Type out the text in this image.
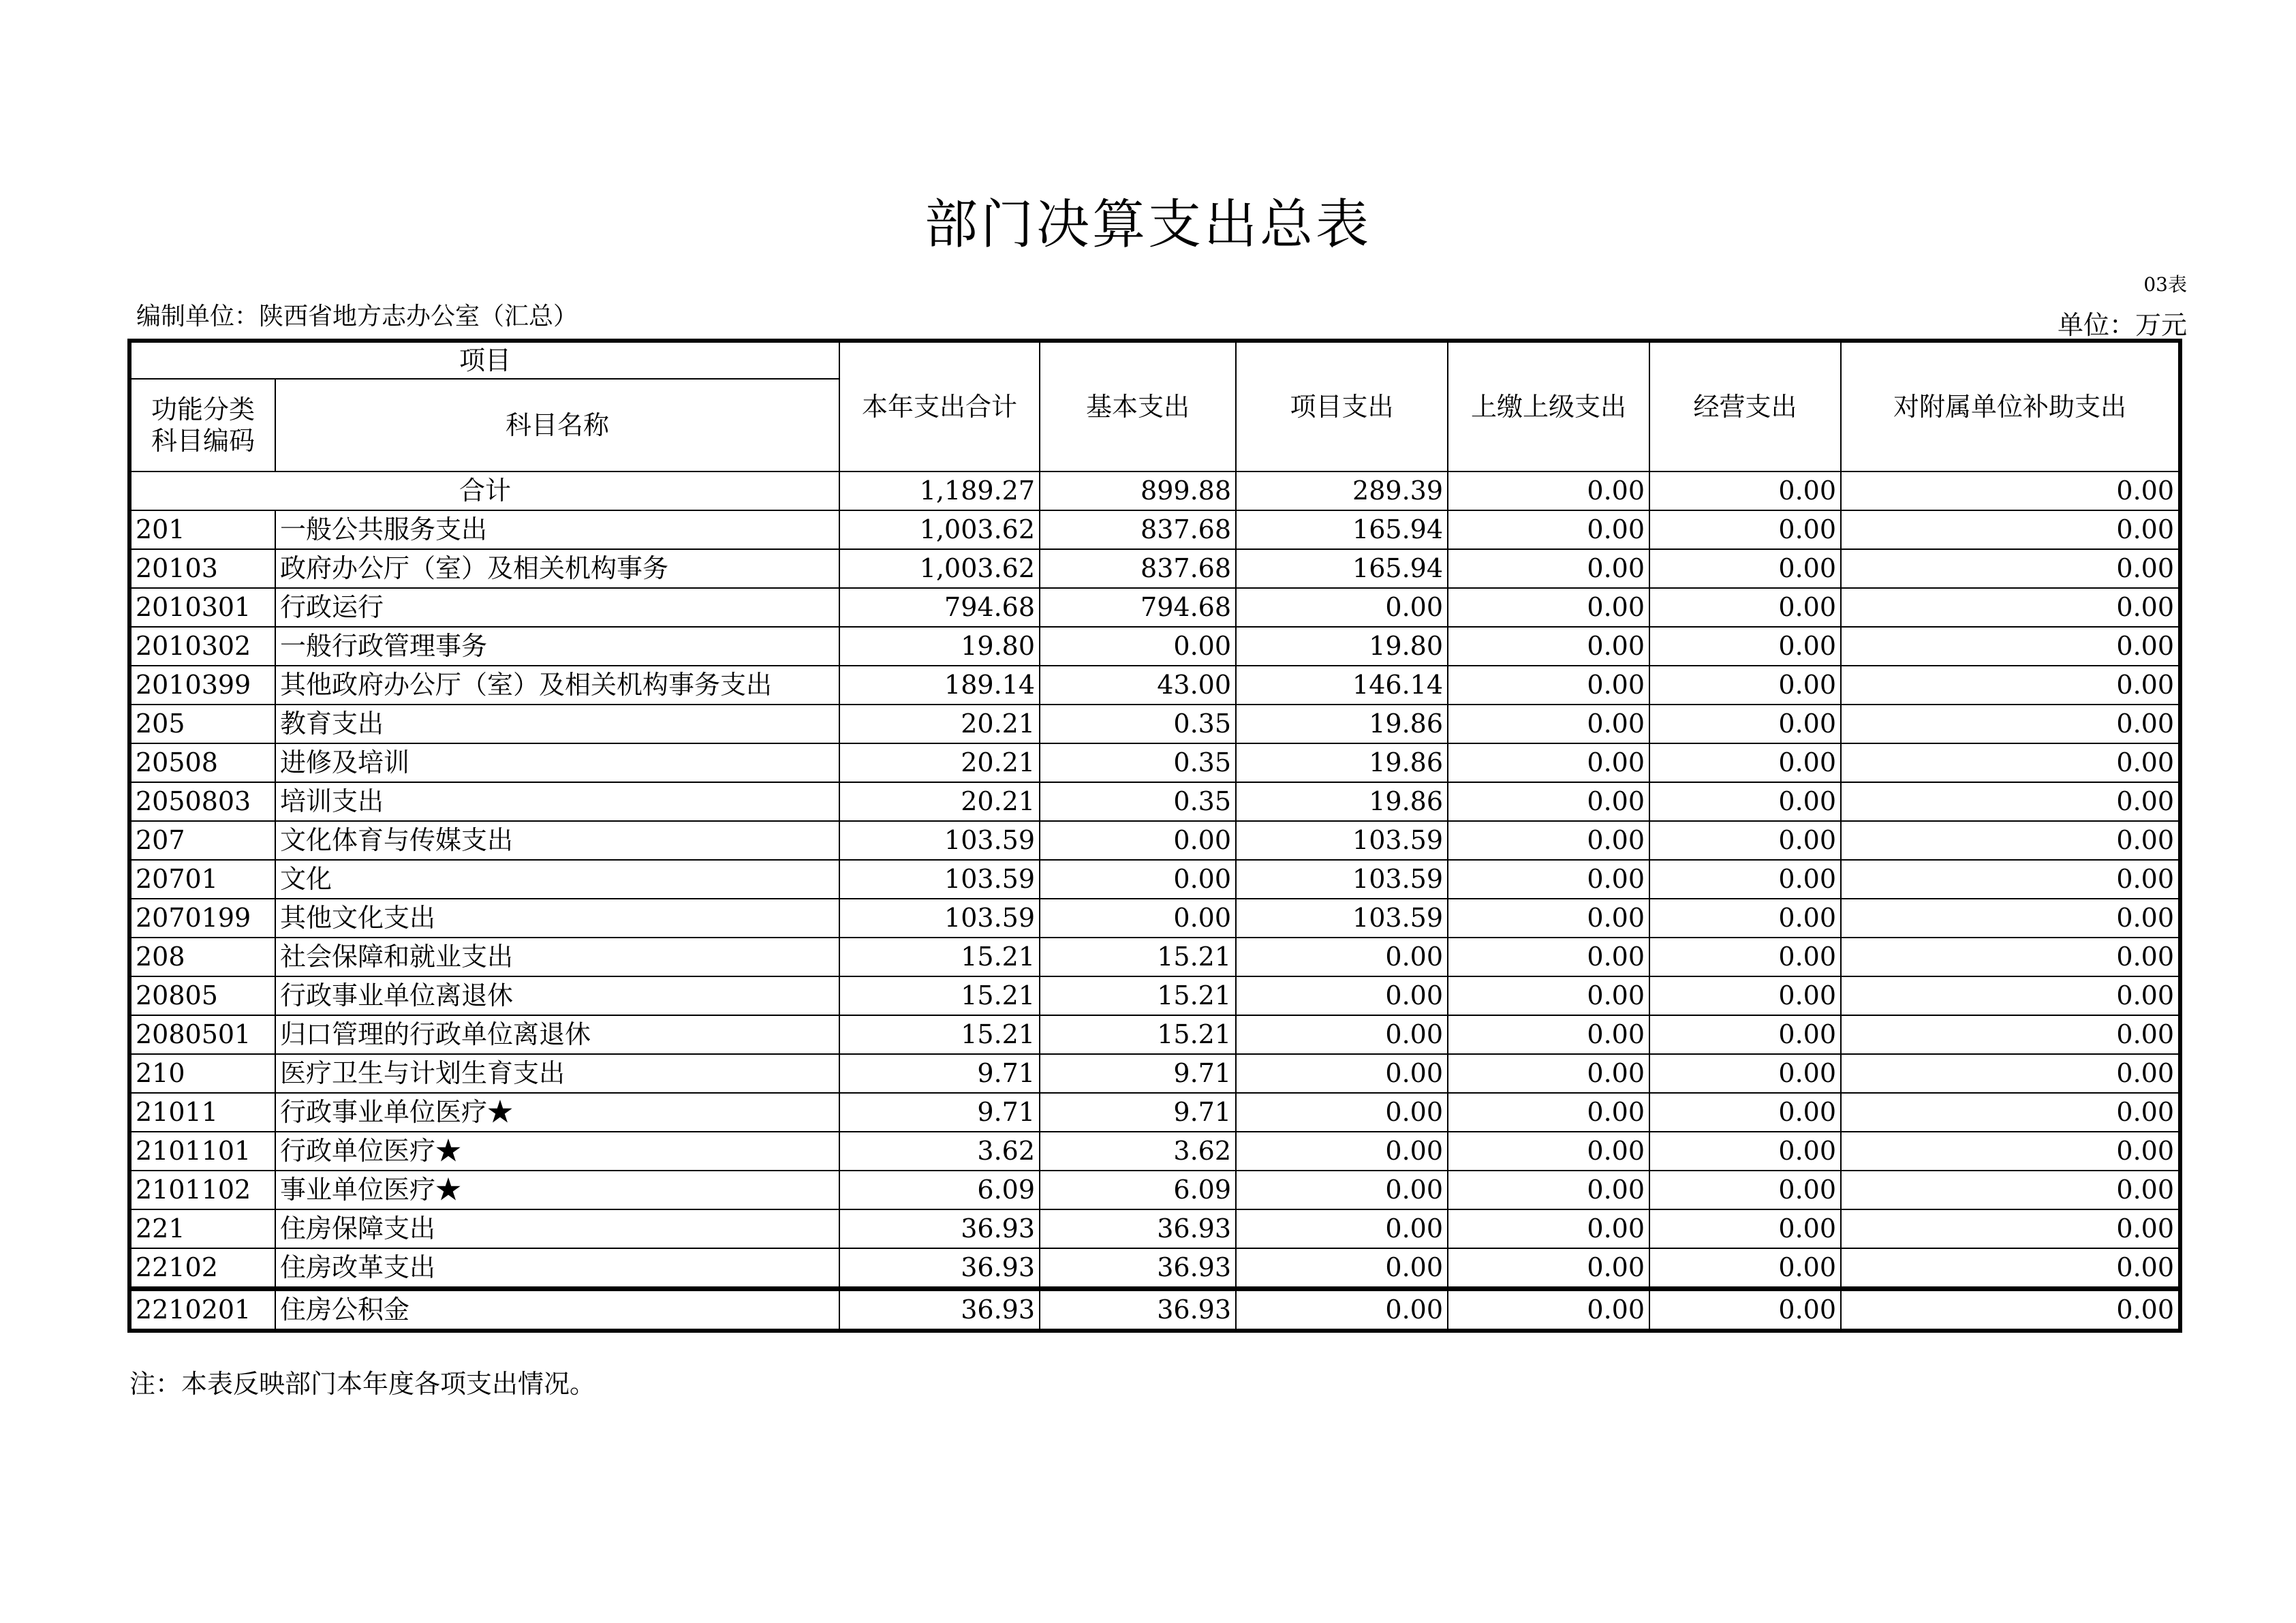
部门决算支出总表
03表
编制单位：陕西省地方志办公室（汇总）	单位：万元
项目		本年支出合计	基本支出	项目支出	上缴上级支出	经营支出	对附属单位补助支出

功能分类
科目编码	科目名称						
合计		1,189.27	899.88	289.39	0.00	0.00	0.00
201	一般公共服务支出	1,003.62	837.68	165.94	0.00	0.00	0.00
20103	政府办公厅（室）及相关机构事务	1,003.62	837.68	165.94	0.00	0.00	0.00
2010301	行政运行	794.68	794.68	0.00	0.00	0.00	0.00
2010302	一般行政管理事务	19.80	0.00	19.80	0.00	0.00	0.00
2010399	其他政府办公厅（室）及相关机构事务支出	189.14	43.00	146.14	0.00	0.00	0.00
205	教育支出	20.21	0.35	19.86	0.00	0.00	0.00
20508	进修及培训	20.21	0.35	19.86	0.00	0.00	0.00
2050803	培训支出	20.21	0.35	19.86	0.00	0.00	0.00
207	文化体育与传媒支出	103.59	0.00	103.59	0.00	0.00	0.00
20701	文化	103.59	0.00	103.59	0.00	0.00	0.00
2070199	其他文化支出	103.59	0.00	103.59	0.00	0.00	0.00
208	社会保障和就业支出	15.21	15.21	0.00	0.00	0.00	0.00
20805	行政事业单位离退休	15.21	15.21	0.00	0.00	0.00	0.00
2080501	归口管理的行政单位离退休	15.21	15.21	0.00	0.00	0.00	0.00
210	医疗卫生与计划生育支出	9.71	9.71	0.00	0.00	0.00	0.00
21011	行政事业单位医疗★	9.71	9.71	0.00	0.00	0.00	0.00
2101101	行政单位医疗★	3.62	3.62	0.00	0.00	0.00	0.00
2101102	事业单位医疗★	6.09	6.09	0.00	0.00	0.00	0.00
221	住房保障支出	36.93	36.93	0.00	0.00	0.00	0.00
22102	住房改革支出	36.93	36.93	0.00	0.00	0.00	0.00
2210201	住房公积金	36.93	36.93	0.00	0.00	0.00	0.00
注：本表反映部门本年度各项支出情况。
